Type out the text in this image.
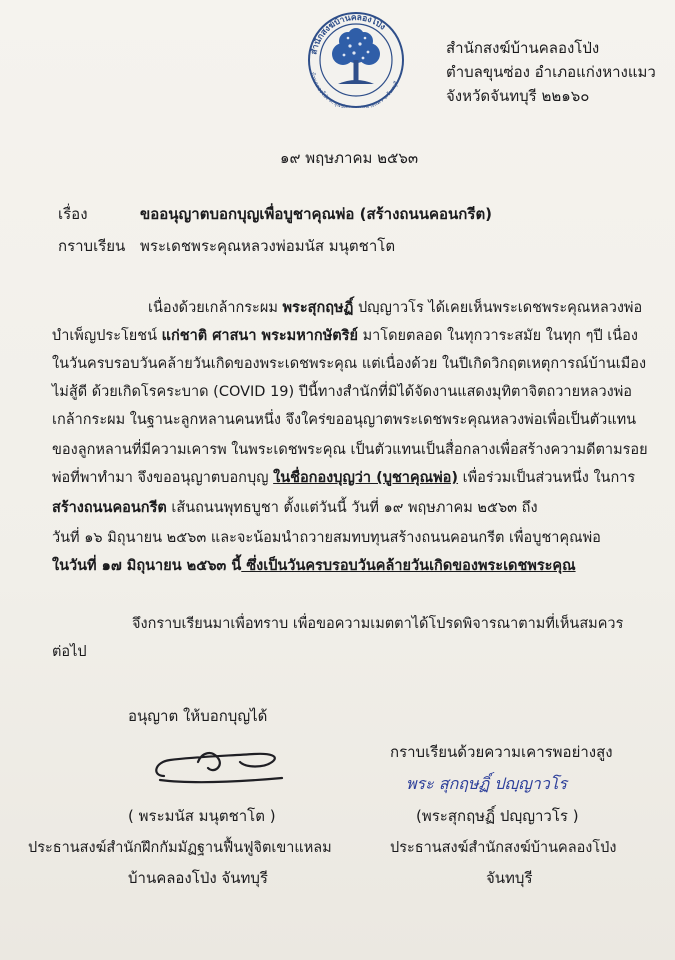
สำนักสงฆ์บ้านคลองโป่ง
บ้านคลองโป่ง ต.ขุนซ่อ หางแมว จ.จันทบุรี
สำนักสงฆ์บ้านคลองโป่ง
ตำบลขุนซ่อง อำเภอแก่งหางแมว
จังหวัดจันทบุรี ๒๒๑๖๐
๑๙ พฤษภาคม ๒๕๖๓
เรื่อง	ขออนุญาตบอกบุญเพื่อบูชาคุณพ่อ (สร้างถนนคอนกรีต)
กราบเรียน พระเดชพระคุณหลวงพ่อมนัส มนุตชาโต
เนื่องด้วยเกล้ากระผม พระสุกฤษฏิ์ ปญฺญาวโร ได้เคยเห็นพระเดชพระคุณหลวงพ่อ
บำเพ็ญประโยชน์ แก่ชาติ ศาสนา พระมหากษัตริย์ มาโดยตลอด ในทุกวาระสมัย ในทุก ๆปี เนื่อง
ในวันครบรอบวันคล้ายวันเกิดของพระเดชพระคุณ แต่เนื่องด้วย ในปีเกิดวิกฤตเหตุการณ์บ้านเมือง
ไม่สู้ดี ด้วยเกิดโรคระบาด (COVID 19) ปีนี้ทางสำนักที่มิได้จัดงานแสดงมุทิตาจิตถวายหลวงพ่อ
เกล้ากระผม ในฐานะลูกหลานคนหนึ่ง จึงใคร่ขออนุญาตพระเดชพระคุณหลวงพ่อเพื่อเป็นตัวแทน
ของลูกหลานที่มีความเคารพ ในพระเดชพระคุณ เป็นตัวแทนเป็นสื่อกลางเพื่อสร้างความดีตามรอย
พ่อที่พาทำมา จึงขออนุญาตบอกบุญ ในชื่อกองบุญว่า (บูชาคุณพ่อ) เพื่อร่วมเป็นส่วนหนึ่ง ในการ
สร้างถนนคอนกรีต เส้นถนนพุทธบูชา ตั้งแต่วันนี้ วันที่ ๑๙ พฤษภาคม ๒๕๖๓ ถึง
วันที่ ๑๖ มิถุนายน ๒๕๖๓ และจะน้อมนำถวายสมทบทุนสร้างถนนคอนกรีต เพื่อบูชาคุณพ่อ
ในวันที่ ๑๗ มิถุนายน ๒๕๖๓ นี้ ซึ่งเป็นวันครบรอบวันคล้ายวันเกิดของพระเดชพระคุณ
จึงกราบเรียนมาเพื่อทราบ เพื่อขอความเมตตาได้โปรดพิจารณาตามที่เห็นสมควร
ต่อไป
อนุญาต ให้บอกบุญได้
( พระมนัส มนุตชาโต )
ประธานสงฆ์สำนักฝึกกัมมัฏฐานฟื้นฟูจิตเขาแหลม
บ้านคลองโป่ง จันทบุรี
กราบเรียนด้วยความเคารพอย่างสูง
พระ สุกฤษฏิ์ ปญฺญาวโร
(พระสุกฤษฏิ์ ปญฺญาวโร )
ประธานสงฆ์สำนักสงฆ์บ้านคลองโป่ง
จันทบุรี
